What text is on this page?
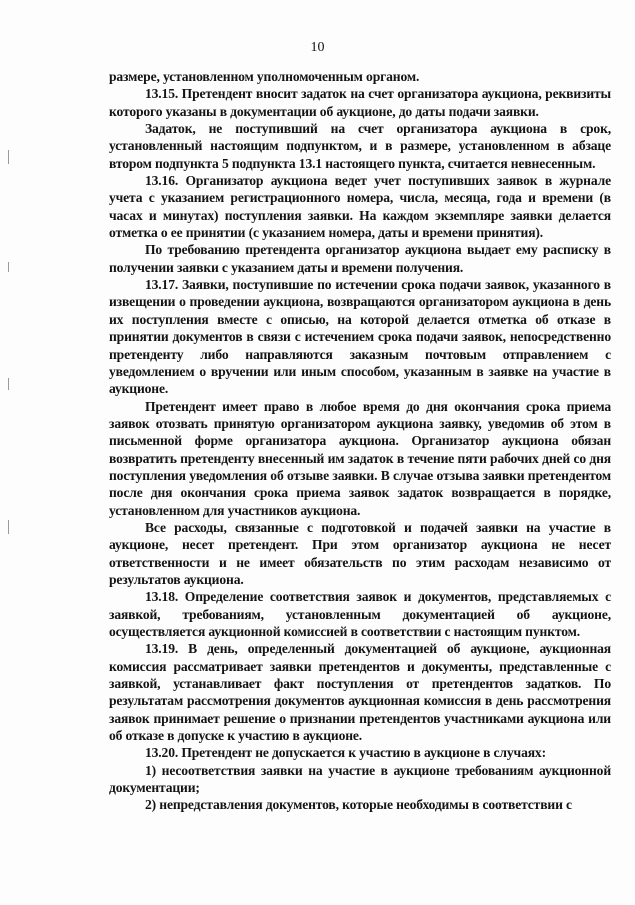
10

размере, установленном уполномоченным органом.

13.15. Претендент вносит задаток на счет организатора аукциона, реквизиты которого указаны в документации об аукционе, до даты подачи заявки.

Задаток, не поступивший на счет организатора аукциона в срок, установленный настоящим подпунктом, и в размере, установленном в абзаце втором подпункта 5 подпункта 13.1 настоящего пункта, считается невнесенным.

13.16. Организатор аукциона ведет учет поступивших заявок в журнале учета с указанием регистрационного номера, числа, месяца, года и времени (в часах и минутах) поступления заявки. На каждом экземпляре заявки делается отметка о ее принятии (с указанием номера, даты и времени принятия).

По требованию претендента организатор аукциона выдает ему расписку в получении заявки с указанием даты и времени получения.

13.17. Заявки, поступившие по истечении срока подачи заявок, указанного в извещении о проведении аукциона, возвращаются организатором аукциона в день их поступления вместе с описью, на которой делается отметка об отказе в принятии документов в связи с истечением срока подачи заявок, непосредственно претенденту либо направляются заказным почтовым отправлением с уведомлением о вручении или иным способом, указанным в заявке на участие в аукционе.

Претендент имеет право в любое время до дня окончания срока приема заявок отозвать принятую организатором аукциона заявку, уведомив об этом в письменной форме организатора аукциона. Организатор аукциона обязан возвратить претенденту внесенный им задаток в течение пяти рабочих дней со дня поступления уведомления об отзыве заявки. В случае отзыва заявки претендентом после дня окончания срока приема заявок задаток возвращается в порядке, установленном для участников аукциона.

Все расходы, связанные с подготовкой и подачей заявки на участие в аукционе, несет претендент. При этом организатор аукциона не несет ответственности и не имеет обязательств по этим расходам независимо от результатов аукциона.

13.18. Определение соответствия заявок и документов, представляемых с заявкой, требованиям, установленным документацией об аукционе, осуществляется аукционной комиссией в соответствии с настоящим пунктом.

13.19. В день, определенный документацией об аукционе, аукционная комиссия рассматривает заявки претендентов и документы, представленные с заявкой, устанавливает факт поступления от претендентов задатков. По результатам рассмотрения документов аукционная комиссия в день рассмотрения заявок принимает решение о признании претендентов участниками аукциона или об отказе в допуске к участию в аукционе.

13.20. Претендент не допускается к участию в аукционе в случаях:

1) несоответствия заявки на участие в аукционе требованиям аукционной документации;

2) непредставления документов, которые необходимы в соответствии с
